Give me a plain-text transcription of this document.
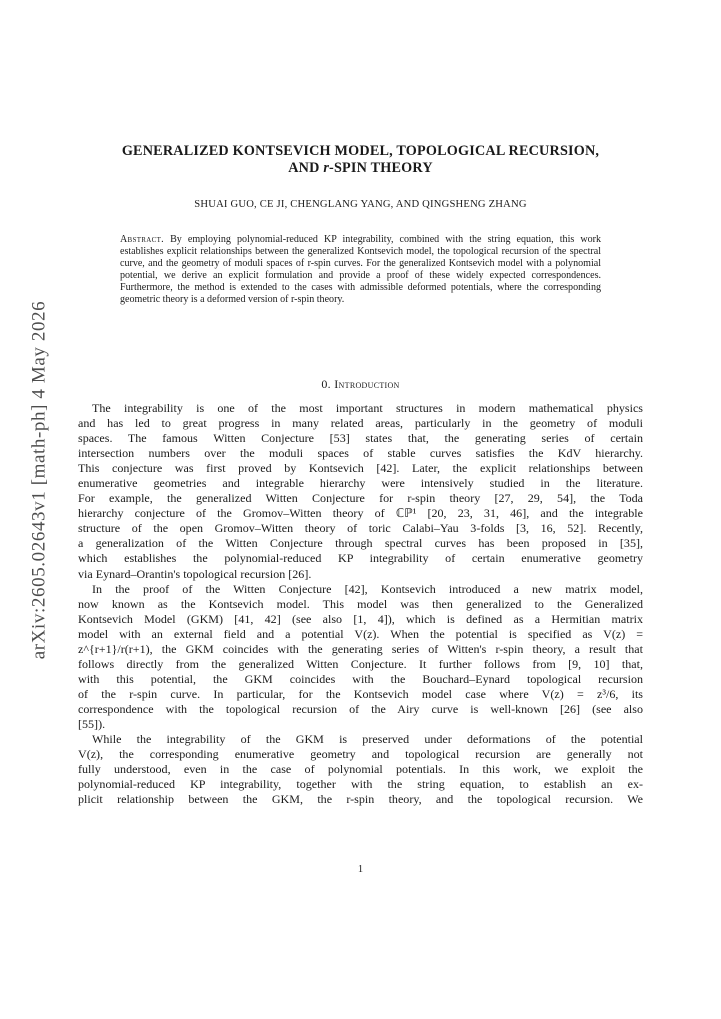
arXiv:2605.02643v1 [math-ph] 4 May 2026
GENERALIZED KONTSEVICH MODEL, TOPOLOGICAL RECURSION,
AND r-SPIN THEORY
SHUAI GUO, CE JI, CHENGLANG YANG, AND QINGSHENG ZHANG
Abstract. By employing polynomial-reduced KP integrability, combined with the string equation, this work establishes explicit relationships between the generalized Kontsevich model, the topological recursion of the spectral curve, and the geometry of moduli spaces of r-spin curves. For the generalized Kontsevich model with a polynomial potential, we derive an explicit formulation and provide a proof of these widely expected correspondences. Furthermore, the method is extended to the cases with admissible deformed potentials, where the corresponding geometric theory is a deformed version of r-spin theory.
0. Introduction
The integrability is one of the most important structures in modern mathematical physics
and has led to great progress in many related areas, particularly in the geometry of moduli
spaces. The famous Witten Conjecture [53] states that, the generating series of certain
intersection numbers over the moduli spaces of stable curves satisfies the KdV hierarchy.
This conjecture was first proved by Kontsevich [42]. Later, the explicit relationships between
enumerative geometries and integrable hierarchy were intensively studied in the literature.
For example, the generalized Witten Conjecture for r-spin theory [27, 29, 54], the Toda
hierarchy conjecture of the Gromov–Witten theory of ℂℙ¹ [20, 23, 31, 46], and the integrable
structure of the open Gromov–Witten theory of toric Calabi–Yau 3-folds [3, 16, 52]. Recently,
a generalization of the Witten Conjecture through spectral curves has been proposed in [35],
which establishes the polynomial-reduced KP integrability of certain enumerative geometry
via Eynard–Orantin's topological recursion [26].
In the proof of the Witten Conjecture [42], Kontsevich introduced a new matrix model,
now known as the Kontsevich model. This model was then generalized to the Generalized
Kontsevich Model (GKM) [41, 42] (see also [1, 4]), which is defined as a Hermitian matrix
model with an external field and a potential V(z). When the potential is specified as V(z) =
z^{r+1}/r(r+1), the GKM coincides with the generating series of Witten's r-spin theory, a result that
follows directly from the generalized Witten Conjecture. It further follows from [9, 10] that,
with this potential, the GKM coincides with the Bouchard–Eynard topological recursion
of the r-spin curve. In particular, for the Kontsevich model case where V(z) = z³/6, its
correspondence with the topological recursion of the Airy curve is well-known [26] (see also
[55]).
While the integrability of the GKM is preserved under deformations of the potential
V(z), the corresponding enumerative geometry and topological recursion are generally not
fully understood, even in the case of polynomial potentials. In this work, we exploit the
polynomial-reduced KP integrability, together with the string equation, to establish an ex-
plicit relationship between the GKM, the r-spin theory, and the topological recursion. We
1
